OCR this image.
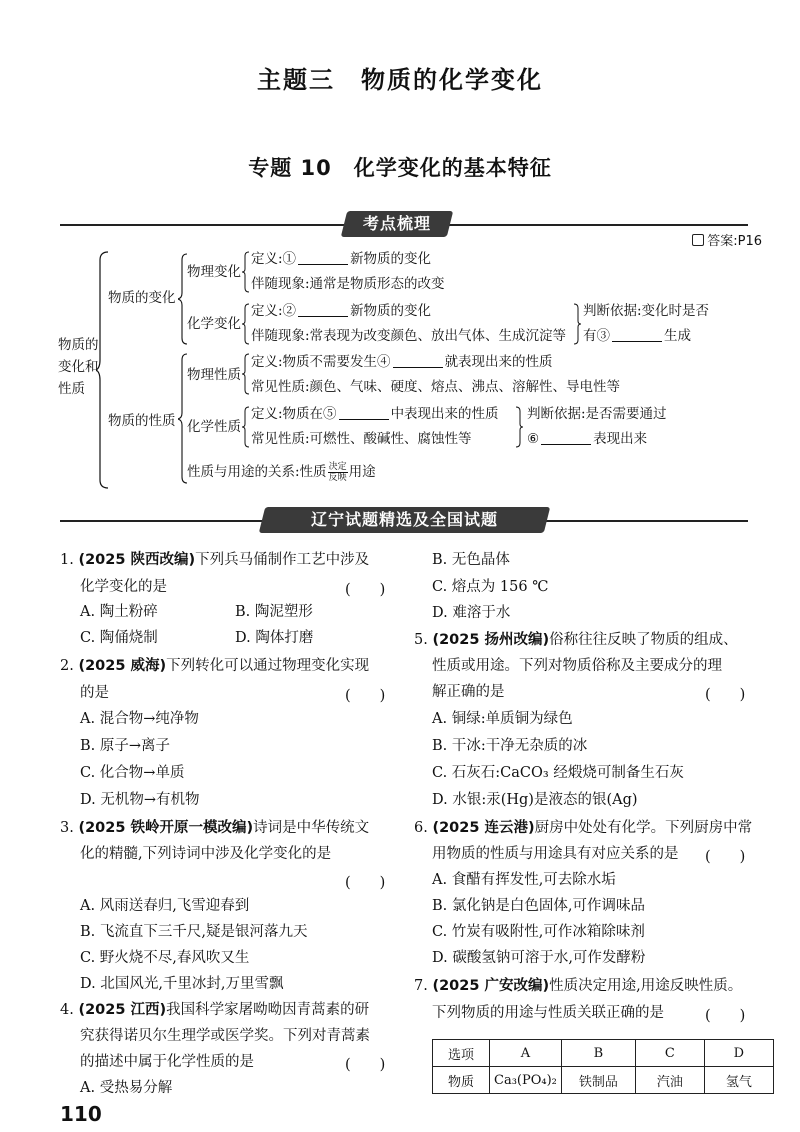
主题三　物质的化学变化
专题 10　化学变化的基本特征
考点梳理
答案:P16
物质的
变化和
性质
物质的变化
物理变化
定义:①	新物质的变化
伴随现象:通常是物质形态的改变
化学变化
定义:②	新物质的变化
伴随现象:常表现为改变颜色、放出气体、生成沉淀等
判断依据:变化时是否
有③	生成
物质的性质
物理性质
定义:物质不需要发生④	就表现出来的性质
常见性质:颜色、气味、硬度、熔点、沸点、溶解性、导电性等
化学性质
定义:物质在⑤	中表现出来的性质
常见性质:可燃性、酸碱性、腐蚀性等
判断依据:是否需要通过
⑥	表现出来
性质与用途的关系:性质 $\frac{\text{决定}}{\text{反映}}$ 用途
辽宁试题精选及全国试题
1. (2025 陕西改编)下列兵马俑制作工艺中涉及
化学变化的是	(　　)
A. 陶土粉碎	B. 陶泥塑形
C. 陶俑烧制	D. 陶体打磨
2. (2025 威海)下列转化可以通过物理变化实现
的是	(　　)
A. 混合物→纯净物
B. 原子→离子
C. 化合物→单质
D. 无机物→有机物
3. (2025 铁岭开原一模改编)诗词是中华传统文
化的精髓,下列诗词中涉及化学变化的是
(　　)
A. 风雨送春归,飞雪迎春到
B. 飞流直下三千尺,疑是银河落九天
C. 野火烧不尽,春风吹又生
D. 北国风光,千里冰封,万里雪飘
4. (2025 江西)我国科学家屠呦呦因青蒿素的研
究获得诺贝尔生理学或医学奖。下列对青蒿素
的描述中属于化学性质的是	(　　)
A. 受热易分解
B. 无色晶体
C. 熔点为 156 ℃
D. 难溶于水
5. (2025 扬州改编)俗称往往反映了物质的组成、
性质或用途。下列对物质俗称及主要成分的理
解正确的是	(　　)
A. 铜绿:单质铜为绿色
B. 干冰:干净无杂质的冰
C. 石灰石:CaCO₃ 经煅烧可制备生石灰
D. 水银:汞(Hg)是液态的银(Ag)
6. (2025 连云港)厨房中处处有化学。下列厨房中常
用物质的性质与用途具有对应关系的是 (　　)
A. 食醋有挥发性,可去除水垢
B. 氯化钠是白色固体,可作调味品
C. 竹炭有吸附性,可作冰箱除味剂
D. 碳酸氢钠可溶于水,可作发酵粉
7. (2025 广安改编)性质决定用途,用途反映性质。
下列物质的用途与性质关联正确的是	(　　)
选项	A	B	C	D
物质	Ca₃(PO₄)₂	铁制品	汽油	氢气
110
